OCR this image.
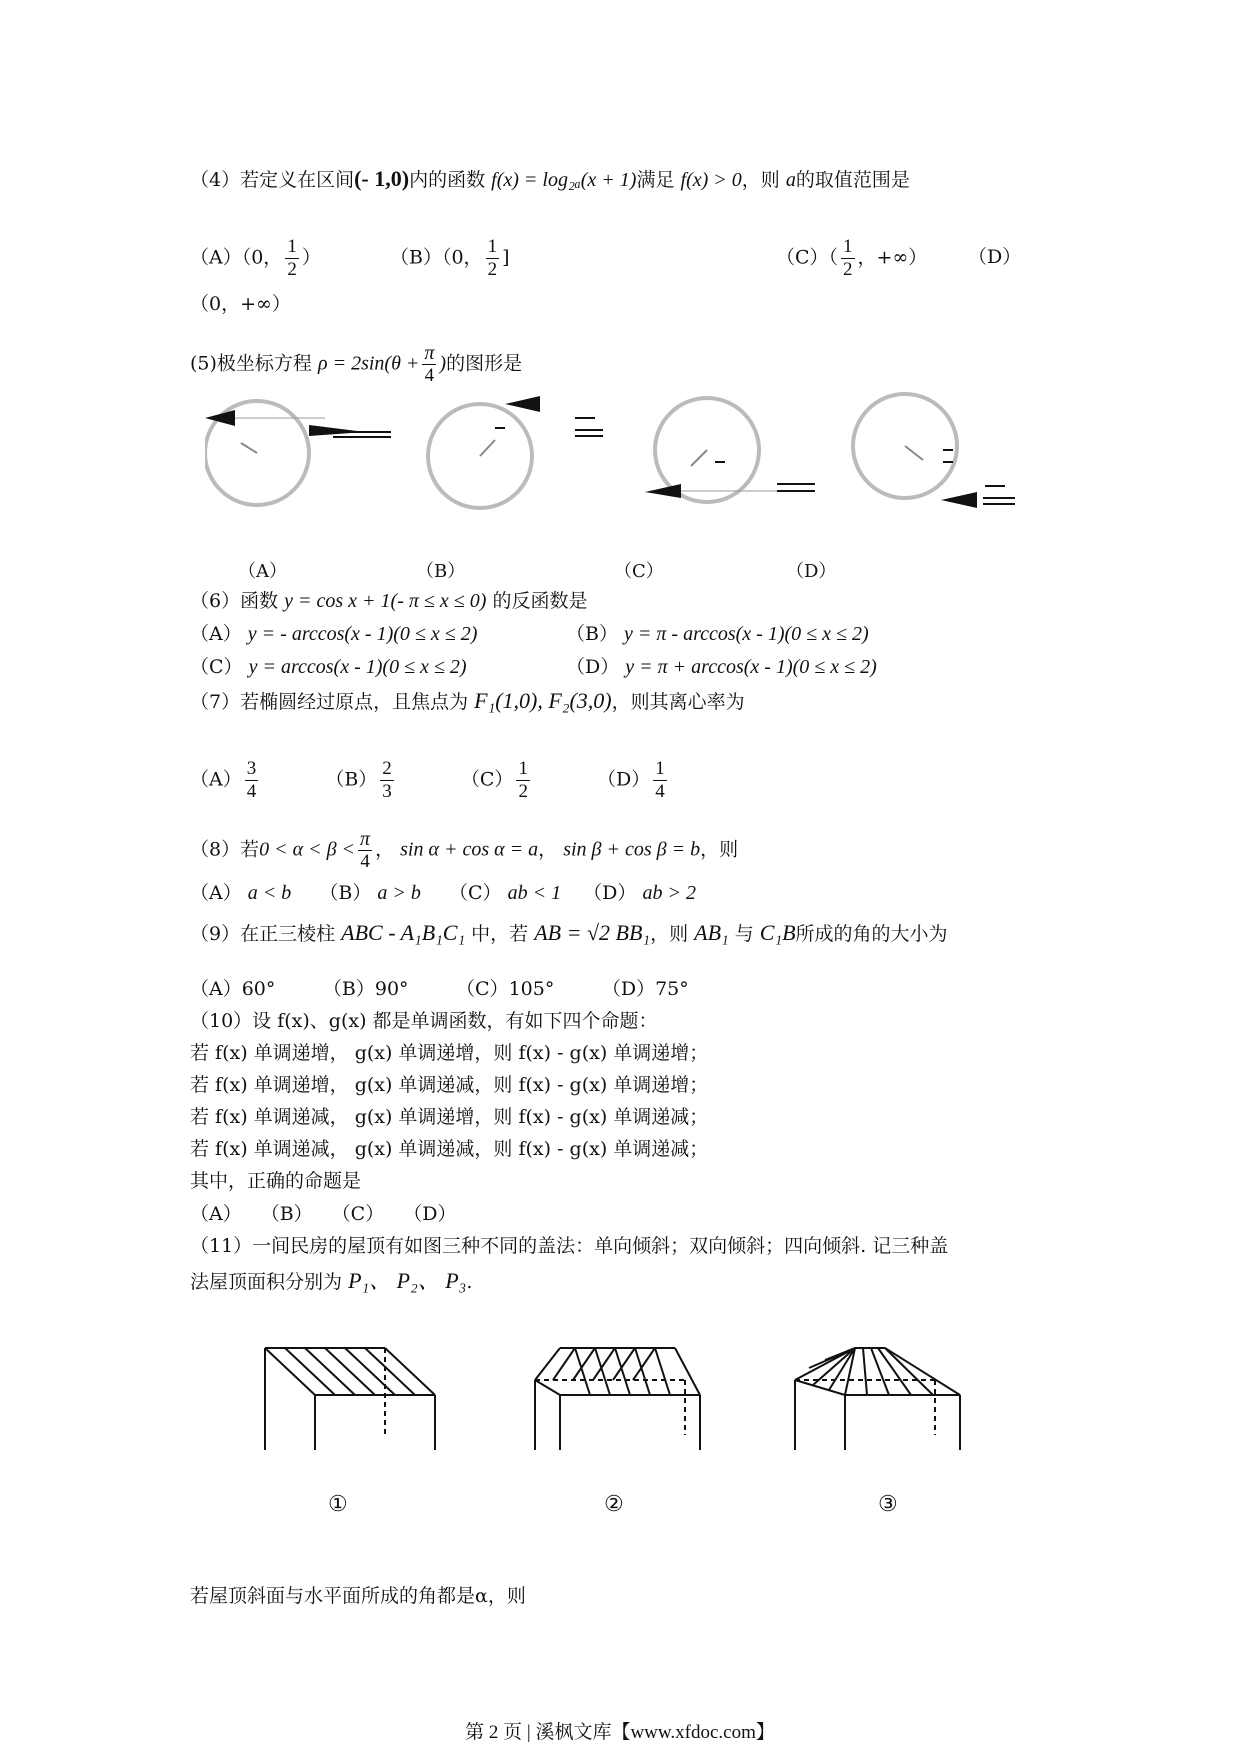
（4）若定义在区间(- 1,0)内的函数 f(x) = log₂ₐ(x + 1)满足 f(x) > 0，则 a的取值范围是
（A）（0， $\frac{1}{2}$ ）	（B）（0， $\frac{1}{2}$ ]	$(C)( \frac{1}{2}$ ，+∞） （D）
（0，+∞）
(5)极坐标方程 $\rho = 2\sin(\theta + \frac{\pi}{4}$ )的图形是
（A）	（B）	（C）	（D）
（6）函数 y = cos x + 1(- π ≤ x ≤ 0) 的反函数是
（A） y = - arccos(x - 1)(0 ≤ x ≤ 2)	（B） y = π - arccos(x - 1)(0 ≤ x ≤ 2)
（C） y = arccos(x - 1)(0 ≤ x ≤ 2)	（D） y = π + arccos(x - 1)(0 ≤ x ≤ 2)
（7）若椭圆经过原点，且焦点为 F₁(1,0), F₂(3,0)，则其离心率为
$(A) \frac{3}{4}$	$(B) \frac{2}{3}$	$(C) \frac{1}{2}$	$(D) \frac{1}{4}$
（8）若$0 < \alpha < \beta < \frac{\pi}{4}$ ， sin α + cos α = a， sin β + cos β = b，则
（A） a < b （B） a > b （C） ab < 1 （D） ab > 2
（9）在正三棱柱 ABC - A₁B₁C₁ 中，若 AB = √2 BB₁，则 AB₁ 与 C₁B所成的角的大小为
（A）60°　　　（B）90°　　　（C）105°　　　（D）75°
（10）设 f(x)、g(x) 都是单调函数，有如下四个命题：
若 f(x) 单调递增， g(x) 单调递增，则 f(x) - g(x) 单调递增；
若 f(x) 单调递增， g(x) 单调递减，则 f(x) - g(x) 单调递增；
若 f(x) 单调递减， g(x) 单调递增，则 f(x) - g(x) 单调递减；
若 f(x) 单调递减， g(x) 单调递减，则 f(x) - g(x) 单调递减；
其中，正确的命题是
（A）　　（B）　　（C）　　（D）
（11）一间民房的屋顶有如图三种不同的盖法：单向倾斜；双向倾斜；四向倾斜. 记三种盖
法屋顶面积分别为 P₁、 P₂、 P₃.
①	②	③
若屋顶斜面与水平面所成的角都是α，则
第 2 页 | 溪枫文库【www.xfdoc.com】
